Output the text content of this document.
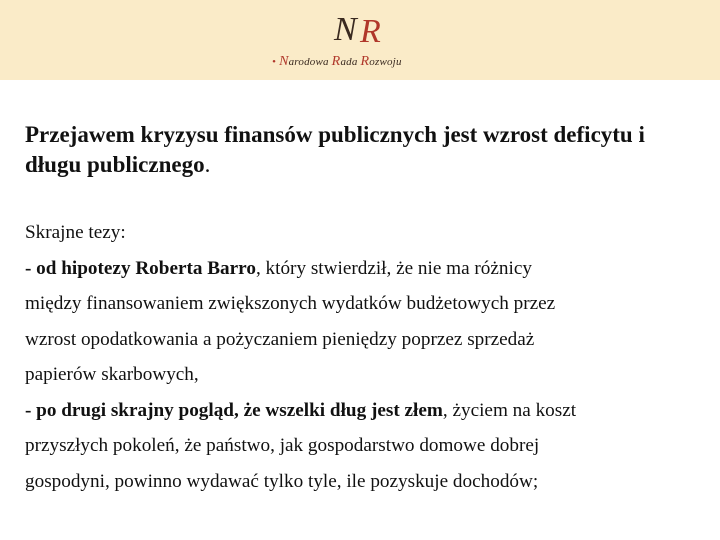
N R
• Narodowa Rada Rozwoju
Przejawem kryzysu finansów publicznych jest wzrost deficytu i długu publicznego.
Skrajne tezy:
- od hipotezy Roberta Barro, który stwierdził, że nie ma różnicy
między finansowaniem zwiększonych wydatków budżetowych przez
wzrost opodatkowania a pożyczaniem pieniędzy poprzez sprzedaż
papierów skarbowych,
- po drugi skrajny pogląd, że wszelki dług jest złem, życiem na koszt
przyszłych pokoleń, że państwo, jak gospodarstwo domowe dobrej
gospodyni, powinno wydawać tylko tyle, ile pozyskuje dochodów;
